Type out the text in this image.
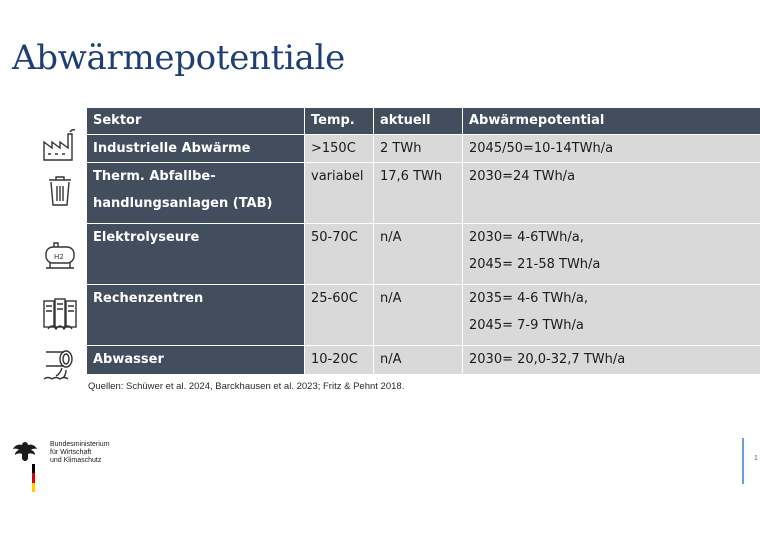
Abwärmepotentiale
H2
Sektor	Temp.	aktuell	Abwärmepotential
Industrielle Abwärme	>150C	2 TWh	2045/50=10-14TWh/a

Therm. Abfallbe-handlungsanlagen (TAB)	variabel	17,6 TWh	2030=24 TWh/a

Elektrolyseure	50-70C	n/A	2030= 4-6TWh/a,
2045= 21-58 TWh/a

Rechenzentren	25-60C	n/A	2035= 4-6 TWh/a,
2045= 7-9 TWh/a

Abwasser	10-20C	n/A	2030= 20,0-32,7 TWh/a
Quellen: Schüwer et al. 2024, Barckhausen et al. 2023; Fritz & Pehnt 2018.
Bundesministerium
für Wirtschaft
und Klimaschutz	1
